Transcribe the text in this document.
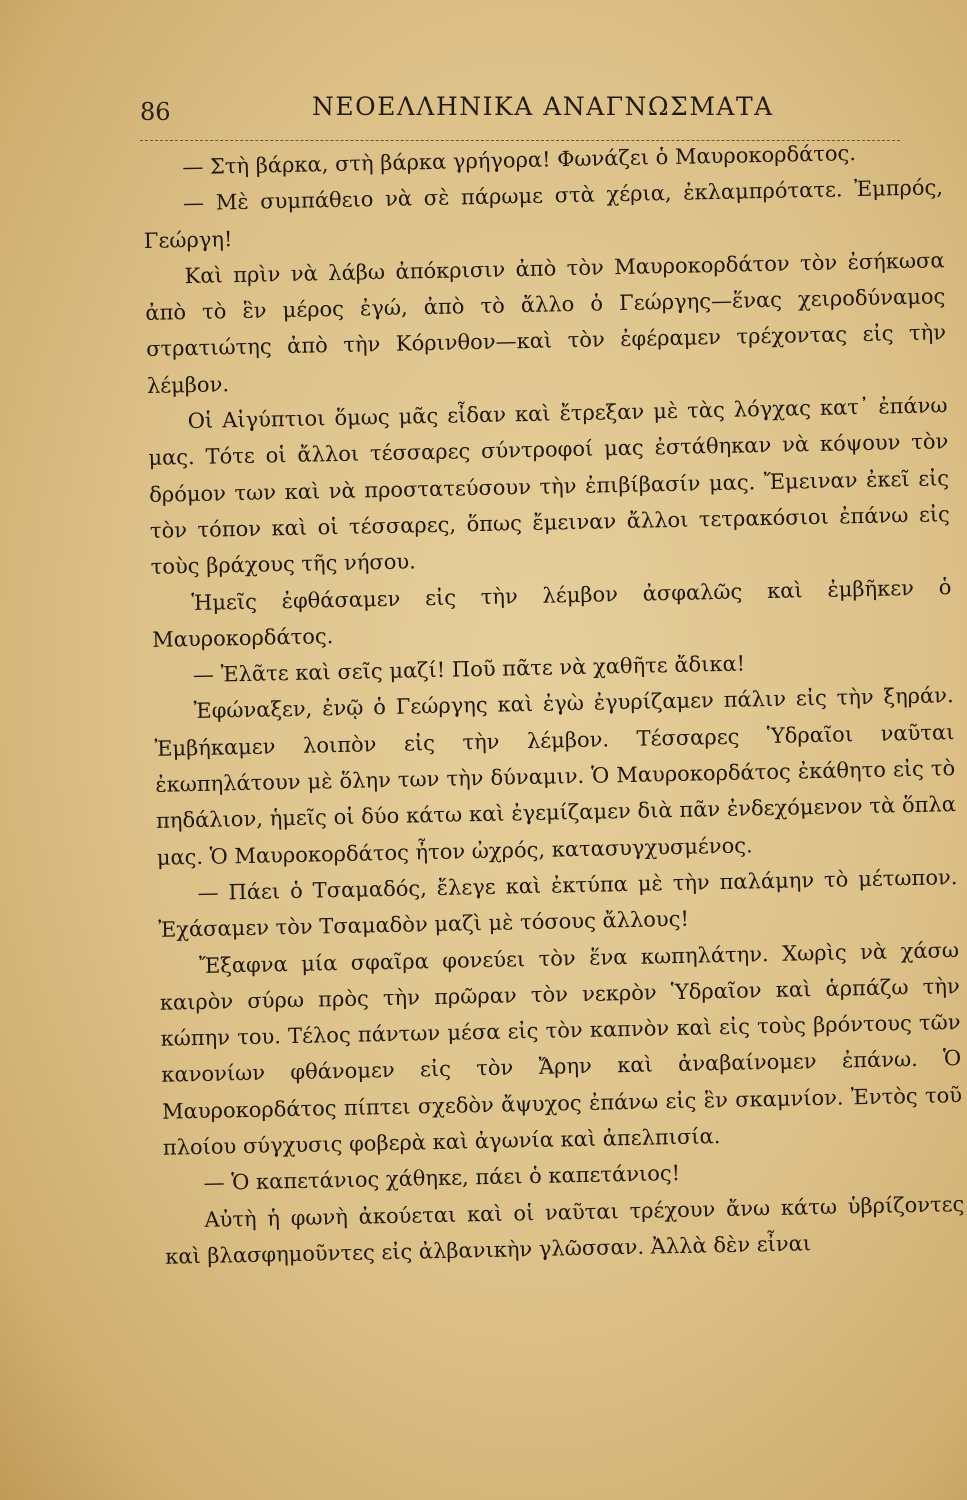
86	ΝΕΟΕΛΛΗΝΙΚΑ ΑΝΑΓΝΩΣΜΑΤΑ

— Στὴ βάρκα, στὴ βάρκα γρήγορα! Φωνάζει ὁ Μαυροκορδάτος.

— Μὲ συμπάθειο νὰ σὲ πάρωμε στὰ χέρια, ἐκλαμπρότατε. Ἐμπρός, Γεώργη!

Καὶ πρὶν νὰ λάβω ἀπόκρισιν ἀπὸ τὸν Μαυροκορδάτον τὸν ἐσήκωσα ἀπὸ τὸ ἓν μέρος ἐγώ, ἀπὸ τὸ ἄλλο ὁ Γεώργης—ἕνας χειροδύναμος στρατιώτης ἀπὸ τὴν Κόρινθον—καὶ τὸν ἐφέραμεν τρέχοντας εἰς τὴν λέμβον.

Οἱ Αἰγύπτιοι ὅμως μᾶς εἶδαν καὶ ἔτρεξαν μὲ τὰς λόγχας κατ᾿ ἐπάνω μας. Τότε οἱ ἄλλοι τέσσαρες σύντροφοί μας ἐστάθηκαν νὰ κόψουν τὸν δρόμον των καὶ νὰ προστατεύσουν τὴν ἐπιβίβασίν μας. Ἔμειναν ἐκεῖ εἰς τὸν τόπον καὶ οἱ τέσσαρες, ὅπως ἔμειναν ἄλλοι τετρακόσιοι ἐπάνω εἰς τοὺς βράχους τῆς νήσου.

Ἡμεῖς ἐφθάσαμεν εἰς τὴν λέμβον ἀσφαλῶς καὶ ἐμβῆκεν ὁ Μαυροκορδάτος.

— Ἐλᾶτε καὶ σεῖς μαζί! Ποῦ πᾶτε νὰ χαθῆτε ἄδικα!

Ἐφώναξεν, ἐνῷ ὁ Γεώργης καὶ ἐγὼ ἐγυρίζαμεν πάλιν εἰς τὴν ξηράν. Ἐμβήκαμεν λοιπὸν εἰς τὴν λέμβον. Τέσσαρες Ὑδραῖοι ναῦται ἐκωπηλάτουν μὲ ὅλην των τὴν δύναμιν. Ὁ Μαυροκορδάτος ἐκάθητο εἰς τὸ πηδάλιον, ἡμεῖς οἱ δύο κάτω καὶ ἐγεμίζαμεν διὰ πᾶν ἐνδεχόμενον τὰ ὅπλα μας. Ὁ Μαυροκορδάτος ἦτον ὠχρός, κατασυγχυσμένος.

— Πάει ὁ Τσαμαδός, ἔλεγε καὶ ἐκτύπα μὲ τὴν παλάμην τὸ μέτωπον. Ἐχάσαμεν τὸν Τσαμαδὸν μαζὶ μὲ τόσους ἄλλους!

Ἔξαφνα μία σφαῖρα φονεύει τὸν ἕνα κωπηλάτην. Χωρὶς νὰ χάσω καιρὸν σύρω πρὸς τὴν πρῶραν τὸν νεκρὸν Ὑδραῖον καὶ ἁρπάζω τὴν κώπην του. Τέλος πάντων μέσα εἰς τὸν καπνὸν καὶ εἰς τοὺς βρόντους τῶν κανονίων φθάνομεν εἰς τὸν Ἄρην καὶ ἀναβαίνομεν ἐπάνω. Ὁ Μαυροκορδάτος πίπτει σχεδὸν ἄψυχος ἐπάνω εἰς ἓν σκαμνίον. Ἐντὸς τοῦ πλοίου σύγχυσις φοβερὰ καὶ ἀγωνία καὶ ἀπελπισία.

— Ὁ καπετάνιος χάθηκε, πάει ὁ καπετάνιος!

Αὐτὴ ἡ φωνὴ ἀκούεται καὶ οἱ ναῦται τρέχουν ἄνω κάτω ὑβρίζοντες καὶ βλασφημοῦντες εἰς ἀλβανικὴν γλῶσσαν. Ἀλλὰ δὲν εἶναι
